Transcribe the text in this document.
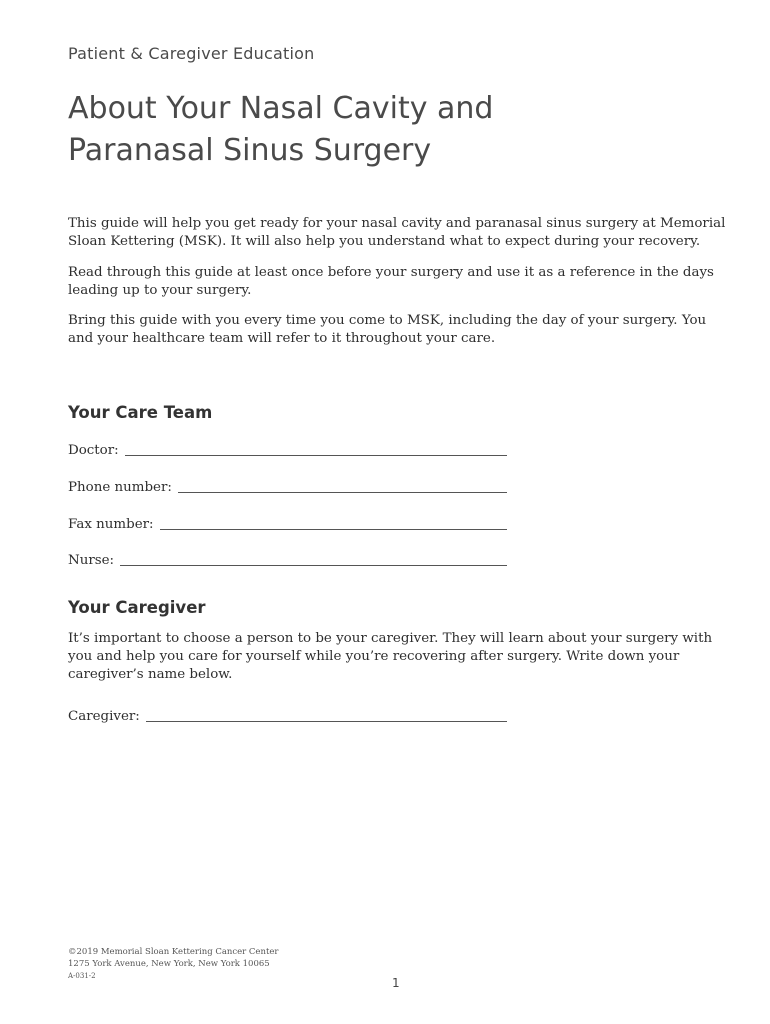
Patient & Caregiver Education
About Your Nasal Cavity and
Paranasal Sinus Surgery

This guide will help you get ready for your nasal cavity and paranasal sinus surgery at Memorial Sloan Kettering (MSK). It will also help you understand what to expect during your recovery.

Read through this guide at least once before your surgery and use it as a reference in the days leading up to your surgery.

Bring this guide with you every time you come to MSK, including the day of your surgery. You and your healthcare team will refer to it throughout your care.

Your Care Team
Doctor:
Phone number:
Fax number:
Nurse:
Your Caregiver

It’s important to choose a person to be your caregiver. They will learn about your surgery with you and help you care for yourself while you’re recovering after surgery. Write down your caregiver’s name below.

Caregiver:
©2019 Memorial Sloan Kettering Cancer Center
1275 York Avenue, New York, New York 10065
A-031-2	1
